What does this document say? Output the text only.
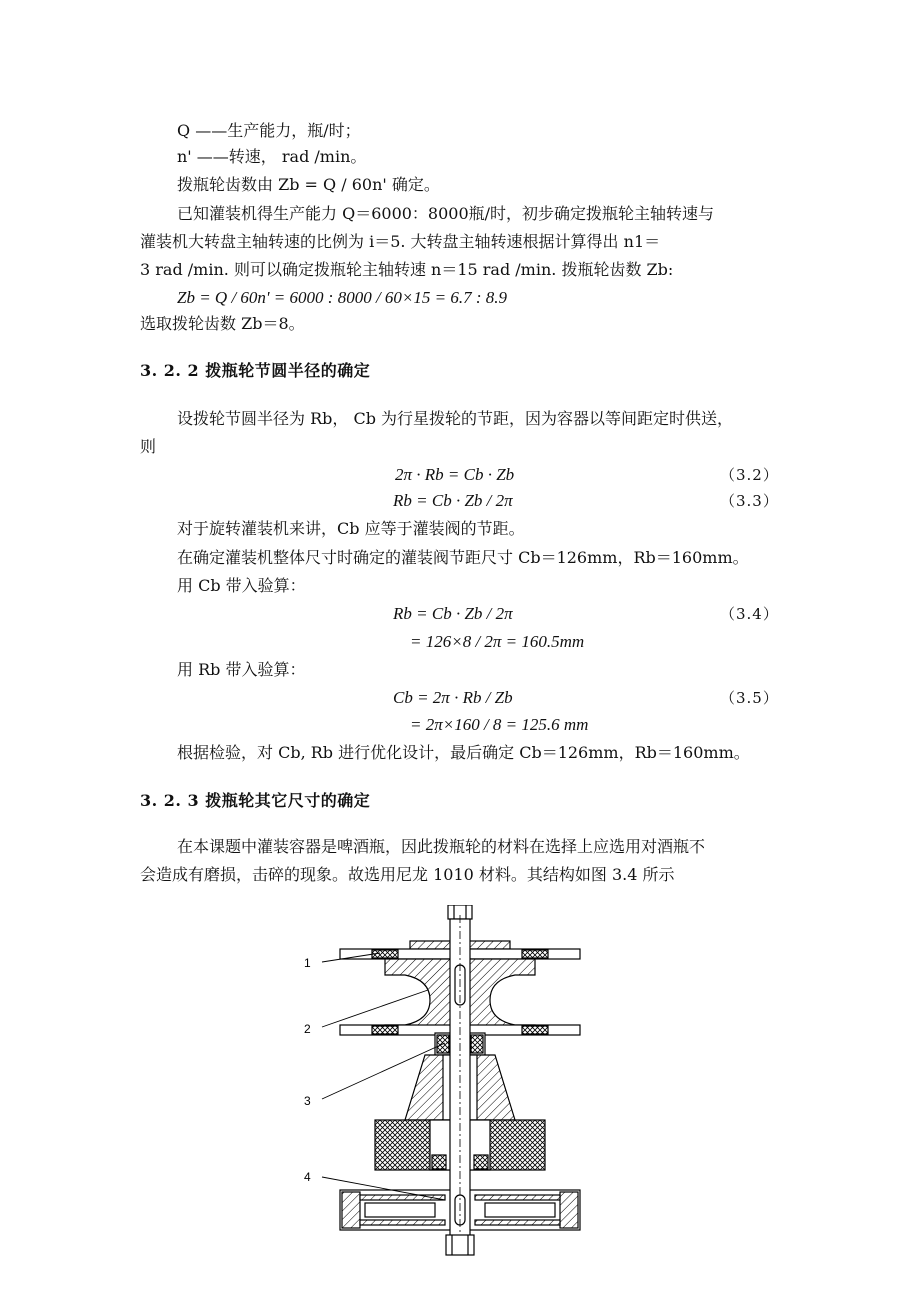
Q ——生产能力，瓶/时；
n' ——转速， rad /min。
拨瓶轮齿数由 Zb = Q / 60n' 确定。
已知灌装机得生产能力 Q＝6000：8000瓶/时，初步确定拨瓶轮主轴转速与
灌装机大转盘主轴转速的比例为 i＝5. 大转盘主轴转速根据计算得出 n1＝
3 rad /min. 则可以确定拨瓶轮主轴转速 n＝15 rad /min. 拨瓶轮齿数 Zb:
Zb = Q / 60n' = 6000 : 8000 / 60×15 = 6.7 : 8.9
选取拨轮齿数 Zb＝8。
3. 2. 2 拨瓶轮节圆半径的确定
设拨轮节圆半径为 Rb， Cb 为行星拨轮的节距，因为容器以等间距定时供送，
则
2π · Rb = Cb · Zb	（3.2）
Rb = Cb · Zb / 2π	（3.3）
对于旋转灌装机来讲，Cb 应等于灌装阀的节距。
在确定灌装机整体尺寸时确定的灌装阀节距尺寸 Cb＝126mm，Rb＝160mm。
用 Cb 带入验算：
Rb = Cb · Zb / 2π	（3.4）
= 126×8 / 2π = 160.5mm
用 Rb 带入验算：
Cb = 2π · Rb / Zb	（3.5）
= 2π×160 / 8 = 125.6 mm
根据检验，对 Cb, Rb 进行优化设计，最后确定 Cb＝126mm，Rb＝160mm。
3. 2. 3 拨瓶轮其它尺寸的确定
在本课题中灌装容器是啤酒瓶，因此拨瓶轮的材料在选择上应选用对酒瓶不
会造成有磨损，击碎的现象。故选用尼龙 1010 材料。其结构如图 3.4 所示
1
2
3
4
